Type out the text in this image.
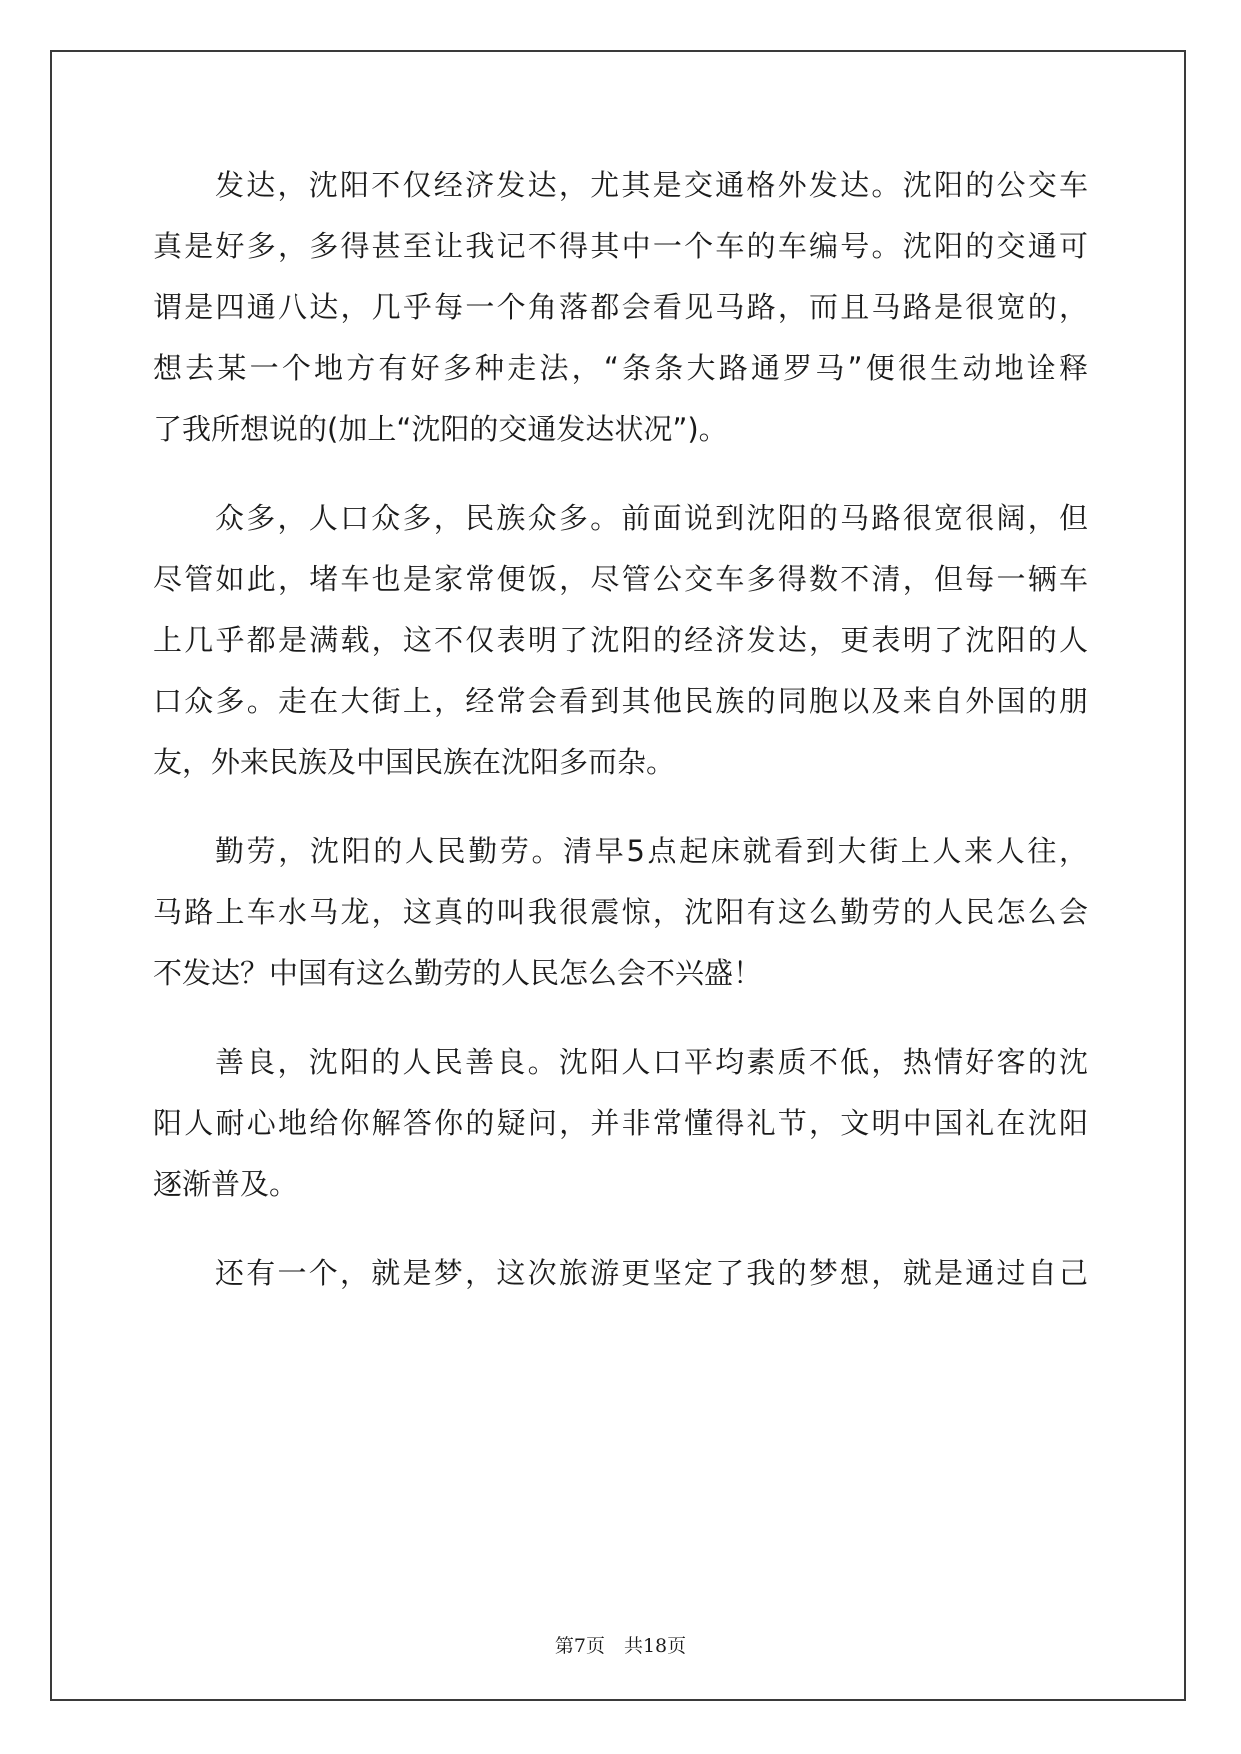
发达，沈阳不仅经济发达，尤其是交通格外发达。沈阳的公交车
真是好多，多得甚至让我记不得其中一个车的车编号。沈阳的交通可
谓是四通八达，几乎每一个角落都会看见马路，而且马路是很宽的，
想去某一个地方有好多种走法，“条条大路通罗马”便很生动地诠释
了我所想说的(加上“沈阳的交通发达状况”)。
众多，人口众多，民族众多。前面说到沈阳的马路很宽很阔，但
尽管如此，堵车也是家常便饭，尽管公交车多得数不清，但每一辆车
上几乎都是满载，这不仅表明了沈阳的经济发达，更表明了沈阳的人
口众多。走在大街上，经常会看到其他民族的同胞以及来自外国的朋
友，外来民族及中国民族在沈阳多而杂。
勤劳，沈阳的人民勤劳。清早5点起床就看到大街上人来人往，
马路上车水马龙，这真的叫我很震惊，沈阳有这么勤劳的人民怎么会
不发达？中国有这么勤劳的人民怎么会不兴盛！
善良，沈阳的人民善良。沈阳人口平均素质不低，热情好客的沈
阳人耐心地给你解答你的疑问，并非常懂得礼节，文明中国礼在沈阳
逐渐普及。
还有一个，就是梦，这次旅游更坚定了我的梦想，就是通过自己
第7页　共18页
